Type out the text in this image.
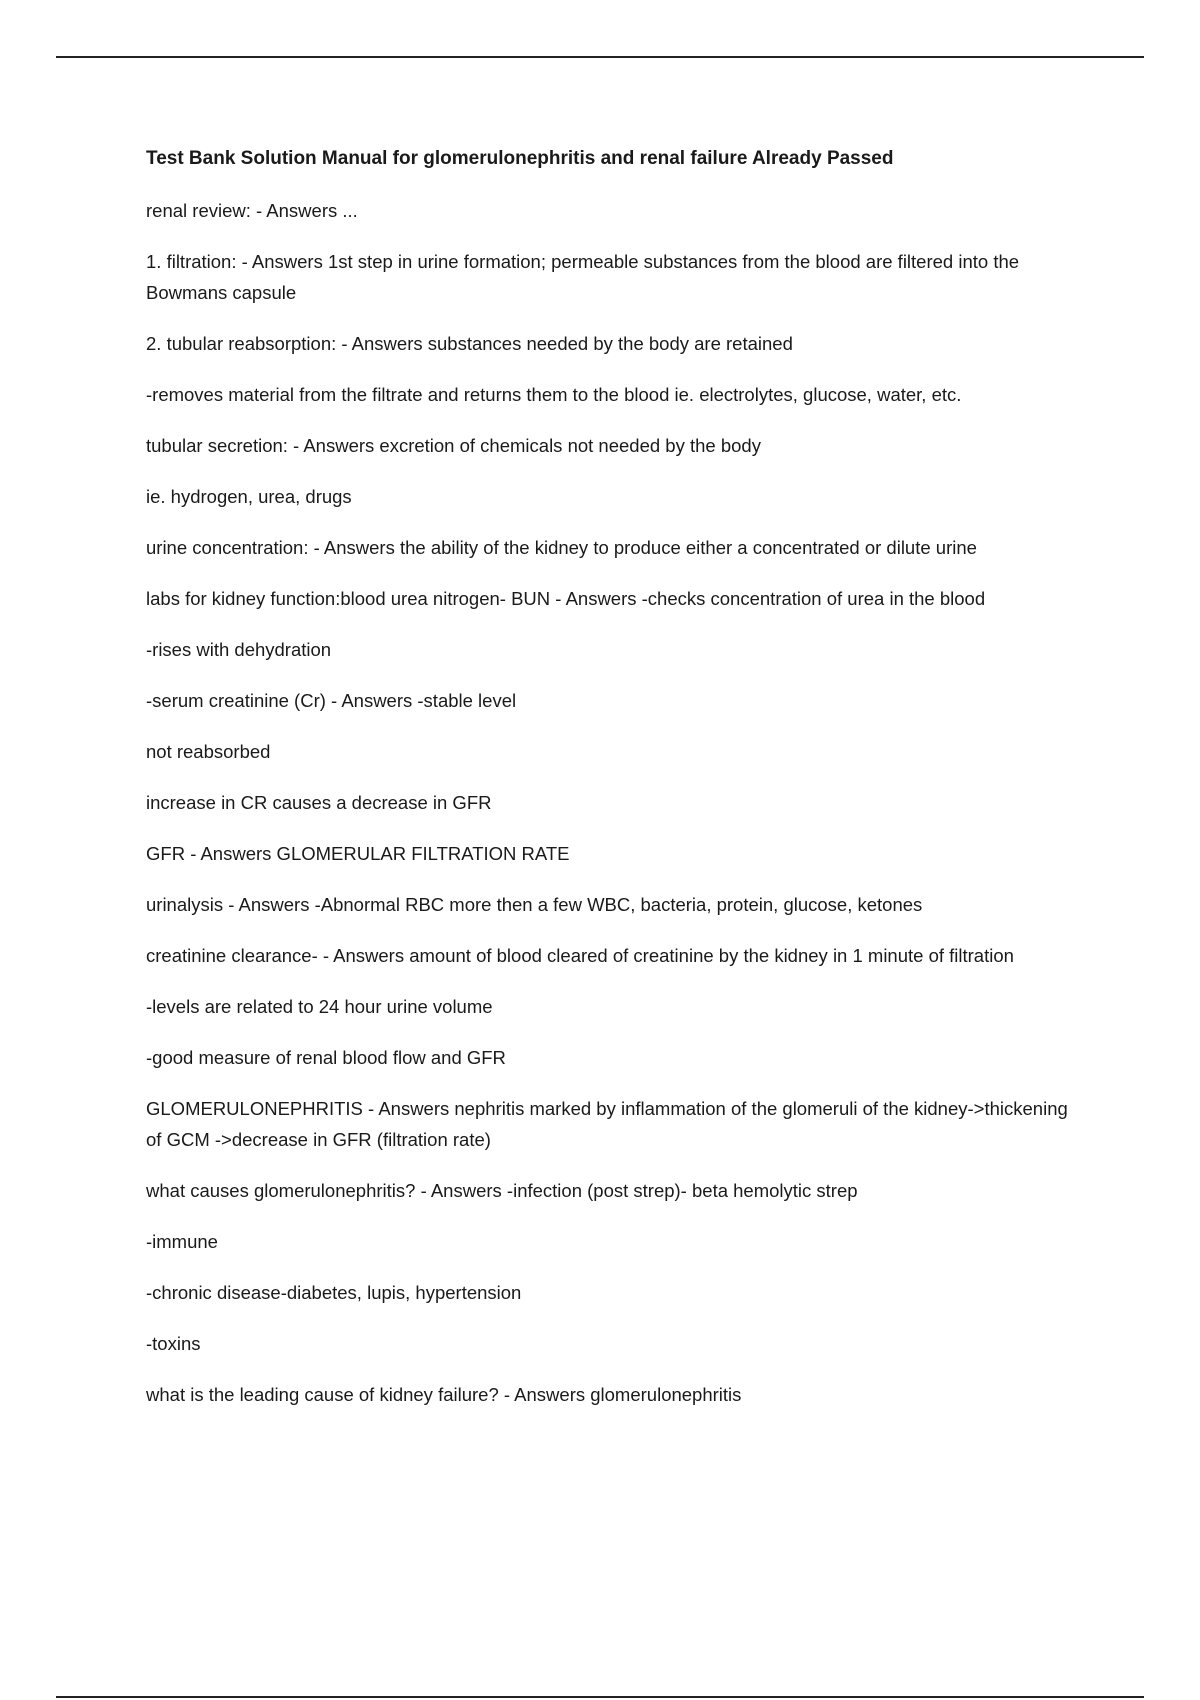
Test Bank Solution Manual for glomerulonephritis and renal failure Already Passed

renal review: - Answers ...

1. filtration: - Answers 1st step in urine formation; permeable substances from the blood are filtered into the Bowmans capsule

2. tubular reabsorption: - Answers substances needed by the body are retained

-removes material from the filtrate and returns them to the blood ie. electrolytes, glucose, water, etc.

tubular secretion: - Answers excretion of chemicals not needed by the body

ie. hydrogen, urea, drugs

urine concentration: - Answers the ability of the kidney to produce either a concentrated or dilute urine

labs for kidney function:blood urea nitrogen- BUN - Answers -checks concentration of urea in the blood

-rises with dehydration

-serum creatinine (Cr) - Answers -stable level

not reabsorbed

increase in CR causes a decrease in GFR

GFR - Answers GLOMERULAR FILTRATION RATE

urinalysis - Answers -Abnormal RBC more then a few WBC, bacteria, protein, glucose, ketones

creatinine clearance- - Answers amount of blood cleared of creatinine by the kidney in 1 minute of filtration

-levels are related to 24 hour urine volume

-good measure of renal blood flow and GFR

GLOMERULONEPHRITIS - Answers nephritis marked by inflammation of the glomeruli of the kidney->thickening of GCM ->decrease in GFR (filtration rate)

what causes glomerulonephritis? - Answers -infection (post strep)- beta hemolytic strep

-immune

-chronic disease-diabetes, lupis, hypertension

-toxins

what is the leading cause of kidney failure? - Answers glomerulonephritis
